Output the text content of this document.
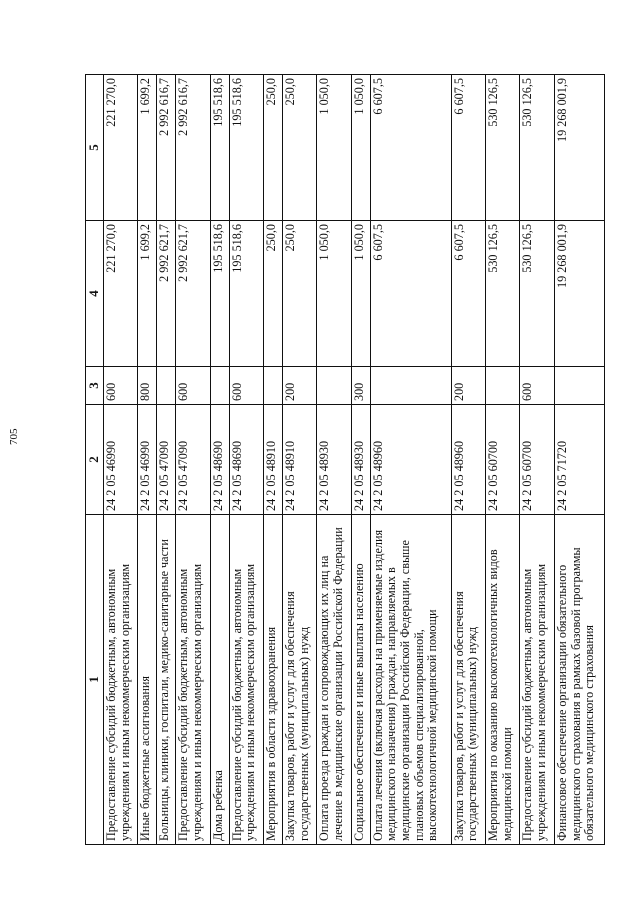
705
1	2	3	4	5
Предоставление субсидий бюджетным, автономным учреждениям и иным некоммерческим организациям	24 2 05 46990	600	221 270,0	221 270,0
Иные бюджетные ассигнования	24 2 05 46990	800	1 699,2	1 699,2
Больницы, клиники, госпитали, медико-санитарные части	24 2 05 47090		2 992 621,7	2 992 616,7
Предоставление субсидий бюджетным, автономным учреждениям и иным некоммерческим организациям	24 2 05 47090	600	2 992 621,7	2 992 616,7
Дома ребенка	24 2 05 48690		195 518,6	195 518,6
Предоставление субсидий бюджетным, автономным учреждениям и иным некоммерческим организациям	24 2 05 48690	600	195 518,6	195 518,6
Мероприятия в области здравоохранения	24 2 05 48910		250,0	250,0
Закупка товаров, работ и услуг для обеспечения государственных (муниципальных) нужд	24 2 05 48910	200	250,0	250,0
Оплата проезда граждан и сопровождающих их лиц на лечение в медицинские организации Российской Федерации	24 2 05 48930		1 050,0	1 050,0
Социальное обеспечение и иные выплаты населению	24 2 05 48930	300	1 050,0	1 050,0
Оплата лечения (включая расходы на применяемые изделия медицинского назначения) граждан, направляемых в медицинские организации Российской Федерации, свыше плановых объемов специализированной, высокотехнологичной медицинской помощи	24 2 05 48960		6 607,5	6 607,5
Закупка товаров, работ и услуг для обеспечения государственных (муниципальных) нужд	24 2 05 48960	200	6 607,5	6 607,5
Мероприятия по оказанию высокотехнологичных видов медицинской помощи	24 2 05 60700		530 126,5	530 126,5
Предоставление субсидий бюджетным, автономным учреждениям и иным некоммерческим организациям	24 2 05 60700	600	530 126,5	530 126,5
Финансовое обеспечение организации обязательного медицинского страхования в рамках базовой программы обязательного медицинского страхования	24 2 05 71720		19 268 001,9	19 268 001,9
